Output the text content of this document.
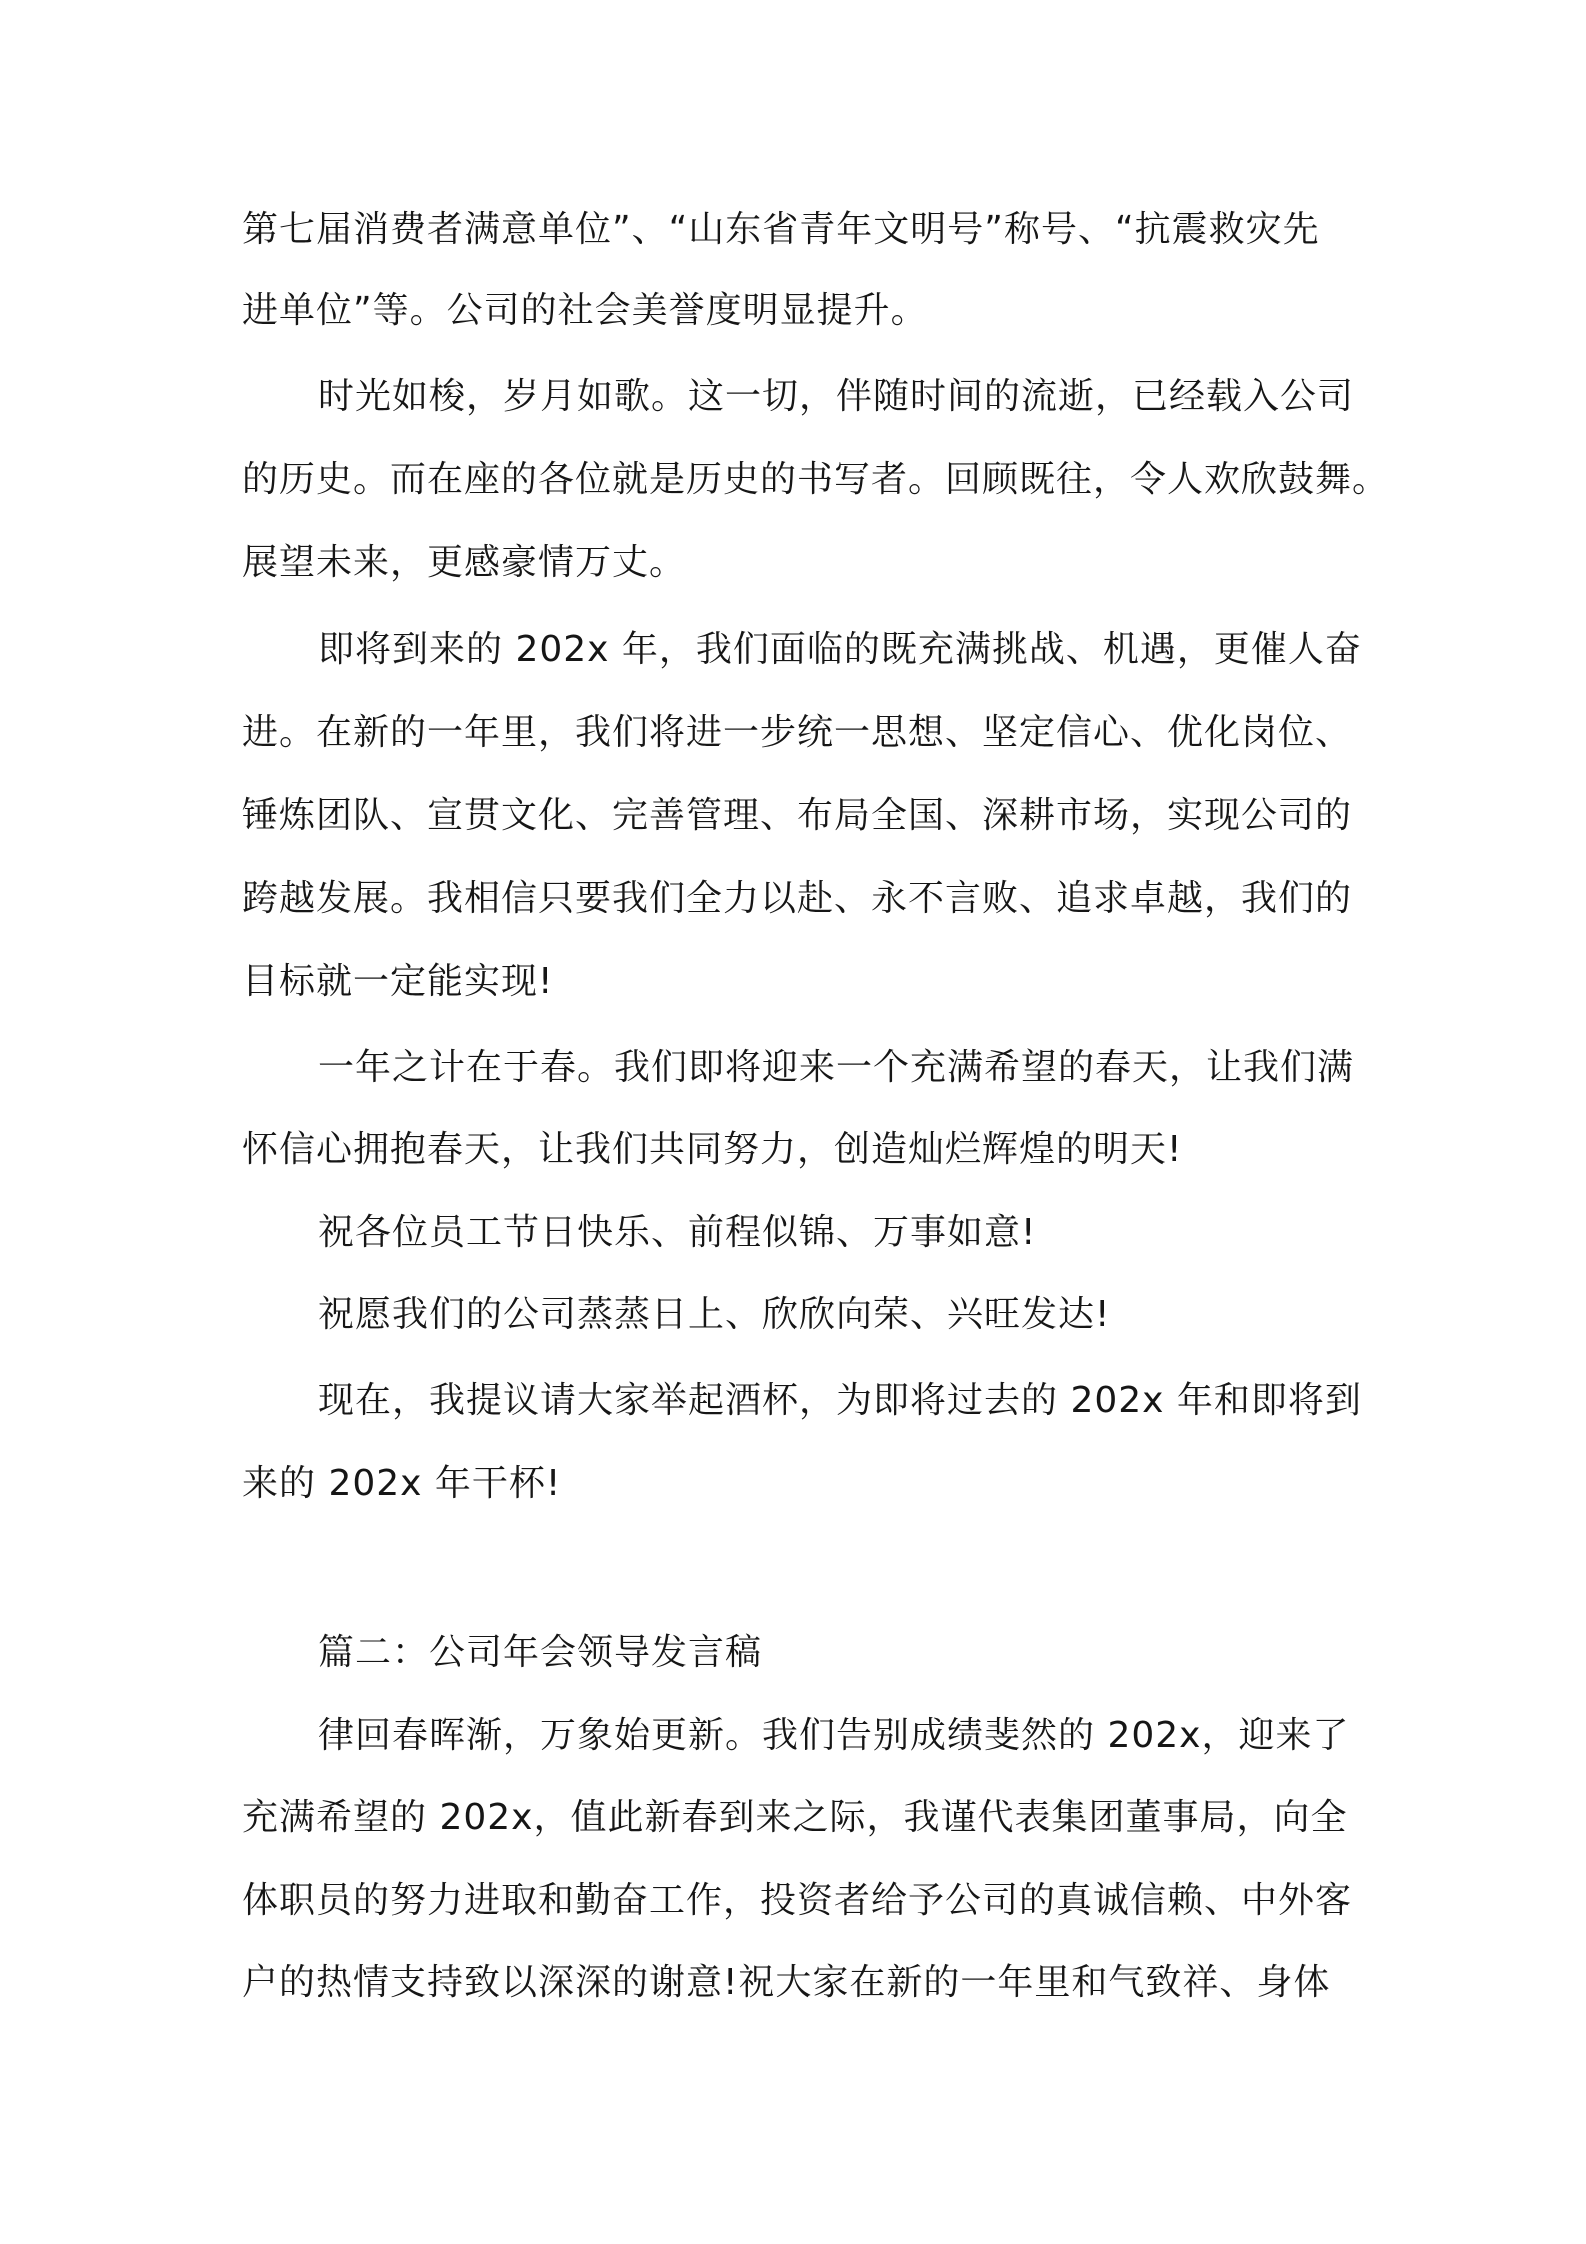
第七届消费者满意单位”、“山东省青年文明号”称号、“抗震救灾先
进单位”等。公司的社会美誉度明显提升。
时光如梭，岁月如歌。这一切，伴随时间的流逝，已经载入公司
的历史。而在座的各位就是历史的书写者。回顾既往，令人欢欣鼓舞。
展望未来，更感豪情万丈。
即将到来的 202x 年，我们面临的既充满挑战、机遇，更催人奋
进。在新的一年里，我们将进一步统一思想、坚定信心、优化岗位、
锤炼团队、宣贯文化、完善管理、布局全国、深耕市场，实现公司的
跨越发展。我相信只要我们全力以赴、永不言败、追求卓越，我们的
目标就一定能实现!
一年之计在于春。我们即将迎来一个充满希望的春天，让我们满
怀信心拥抱春天，让我们共同努力，创造灿烂辉煌的明天!
祝各位员工节日快乐、前程似锦、万事如意!
祝愿我们的公司蒸蒸日上、欣欣向荣、兴旺发达!
现在，我提议请大家举起酒杯，为即将过去的 202x 年和即将到
来的 202x 年干杯!
篇二：公司年会领导发言稿
律回春晖渐，万象始更新。我们告别成绩斐然的 202x，迎来了
充满希望的 202x，值此新春到来之际，我谨代表集团董事局，向全
体职员的努力进取和勤奋工作，投资者给予公司的真诚信赖、中外客
户的热情支持致以深深的谢意!祝大家在新的一年里和气致祥、身体
